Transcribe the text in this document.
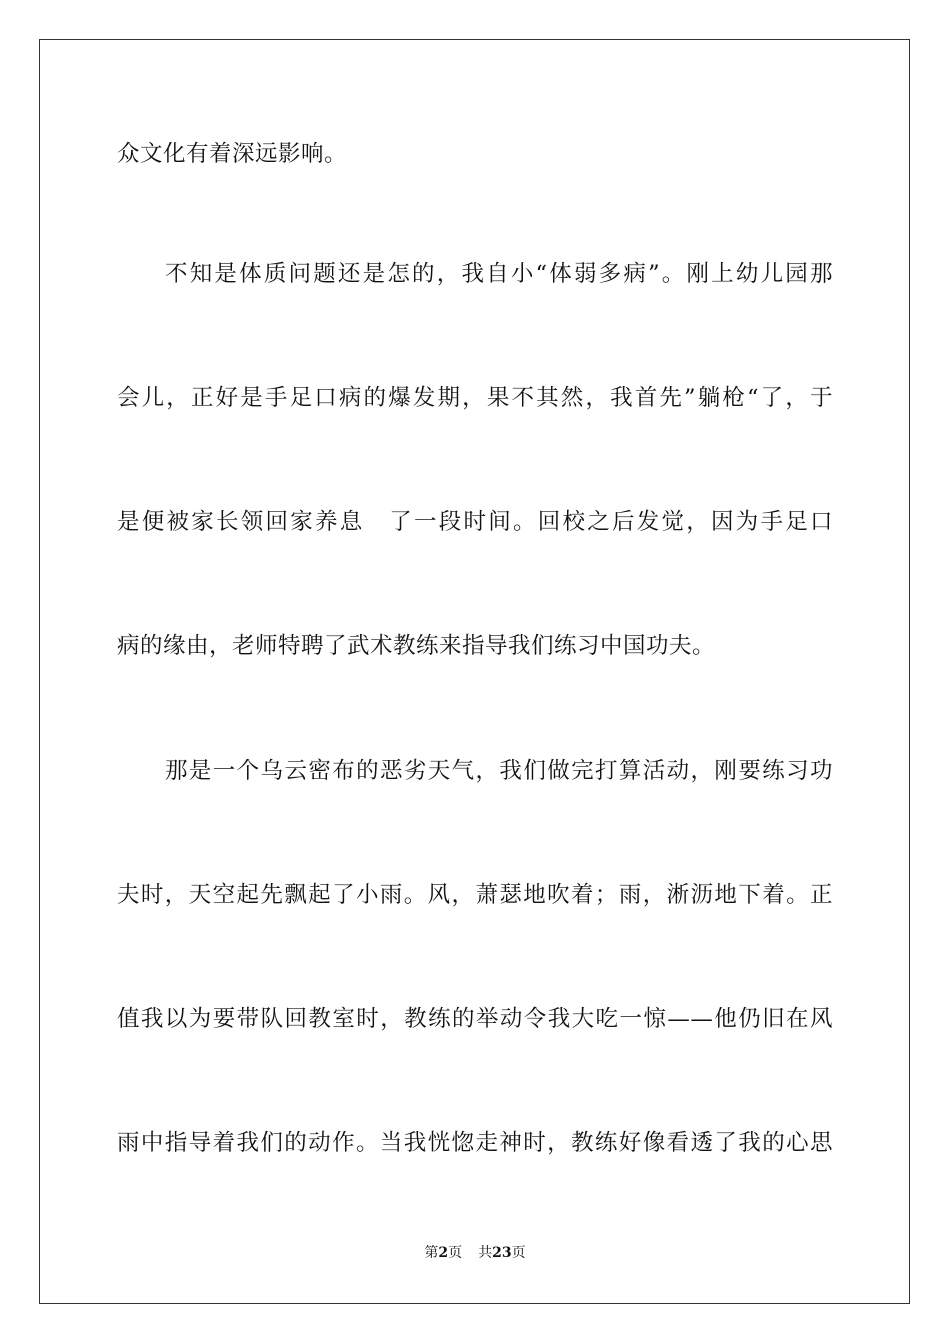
众文化有着深远影响。
不知是体质问题还是怎的，我自小“体弱多病”。刚上幼儿园那
会儿，正好是手足口病的爆发期，果不其然，我首先”躺枪“了，于
是便被家长领回家养息　了一段时间。回校之后发觉，因为手足口
病的缘由，老师特聘了武术教练来指导我们练习中国功夫。
那是一个乌云密布的恶劣天气，我们做完打算活动，刚要练习功
夫时，天空起先飘起了小雨。风，萧瑟地吹着；雨，淅沥地下着。正
值我以为要带队回教室时，教练的举动令我大吃一惊——他仍旧在风
雨中指导着我们的动作。当我恍惚走神时，教练好像看透了我的心思
第2页 共23页
